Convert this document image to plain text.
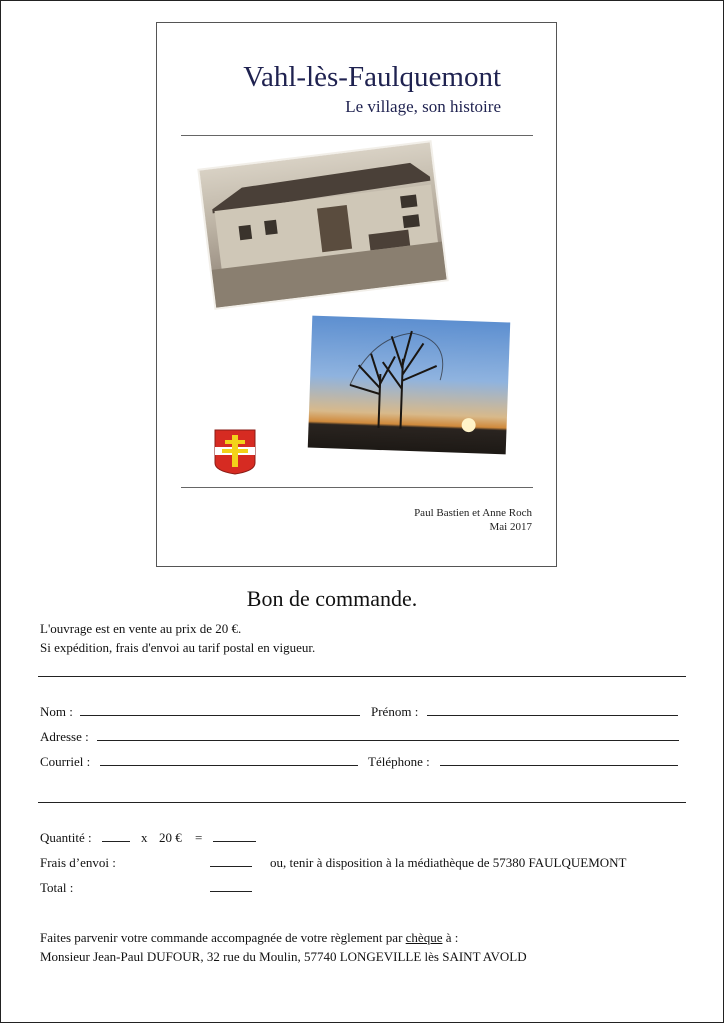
Vahl-lès-Faulquemont
Le village, son histoire
Paul Bastien et Anne Roch
Mai 2017
Bon de commande.
L'ouvrage est en vente au prix de 20 €.
Si expédition, frais d'envoi au tarif postal en vigueur.
Nom :	Prénom :
Adresse :
Courriel :	Téléphone :
Quantité :	x 20 € =
Frais d’envoi :	ou, tenir à disposition à la médiathèque de 57380 FAULQUEMONT
Total :
Faites parvenir votre commande accompagnée de votre règlement par chèque à :
Monsieur Jean-Paul DUFOUR, 32 rue du Moulin, 57740 LONGEVILLE lès SAINT AVOLD
